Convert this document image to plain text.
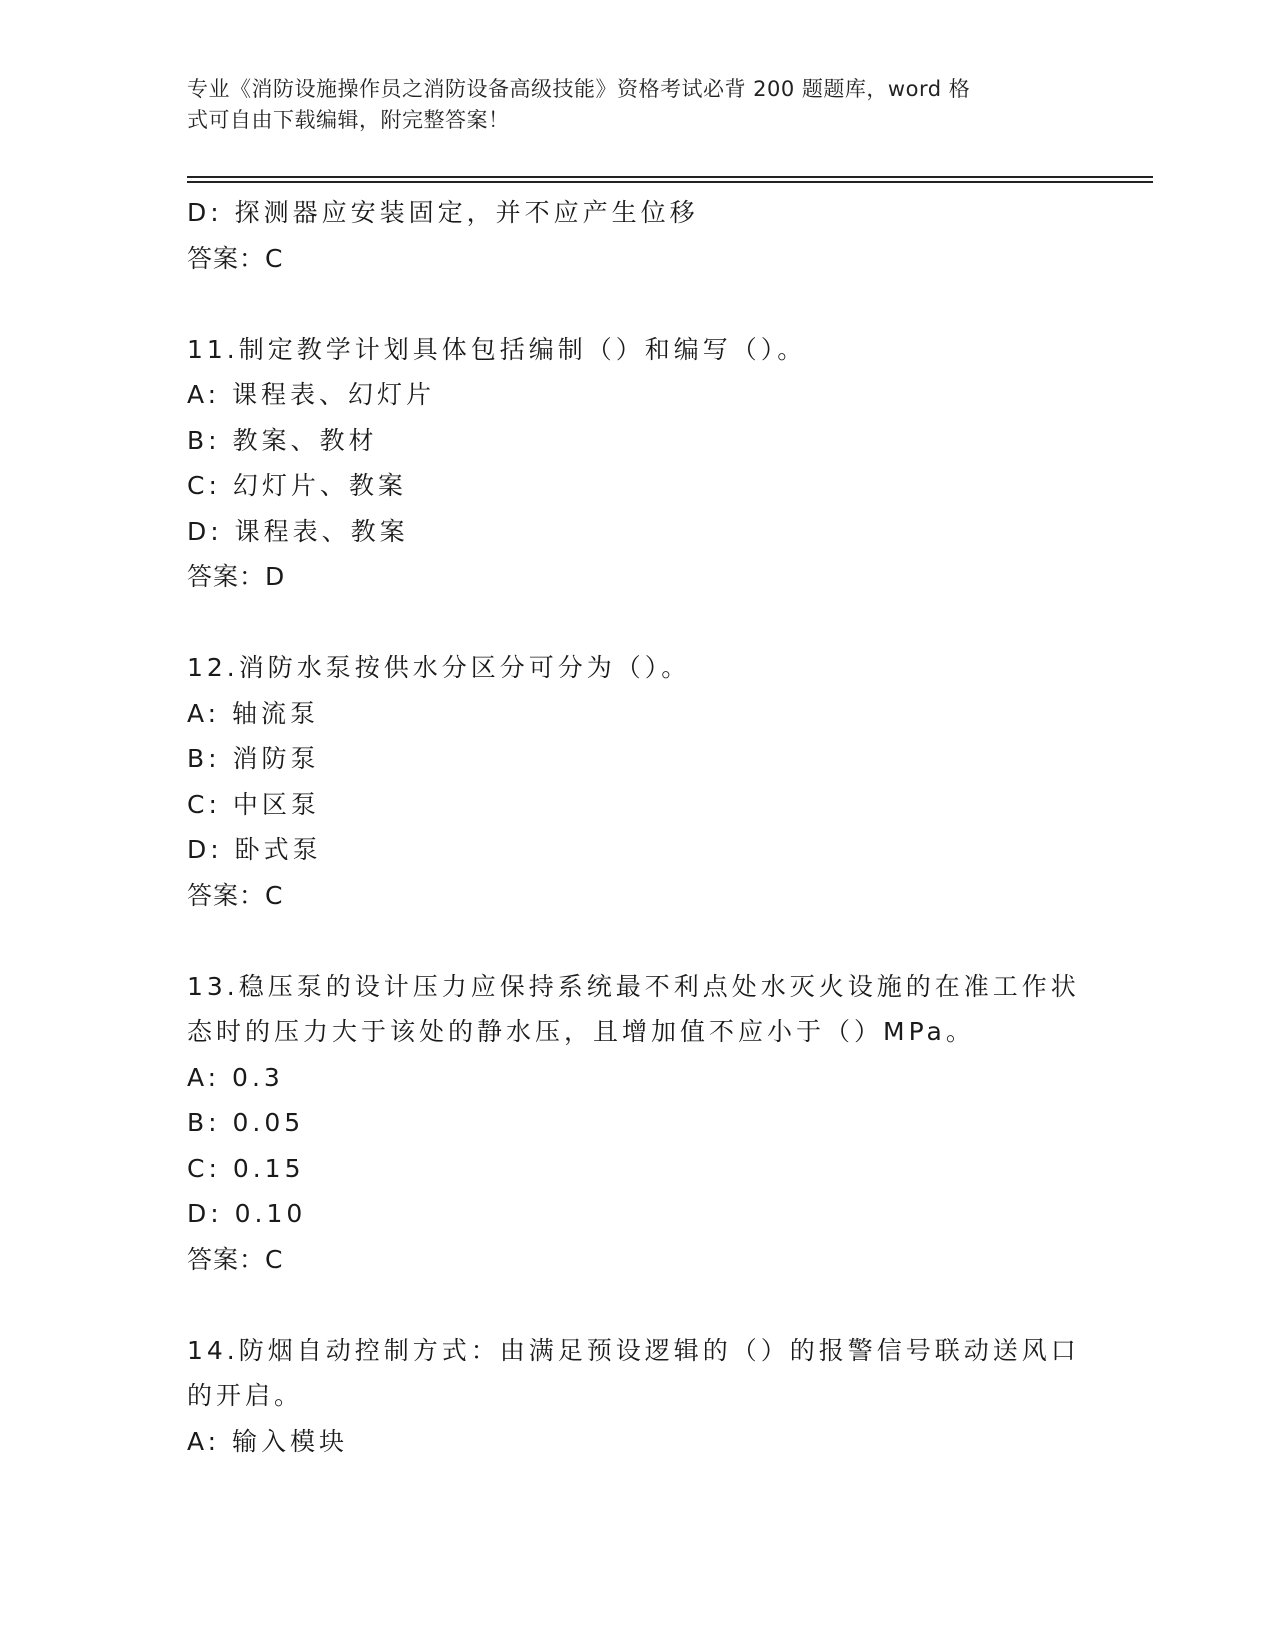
专业《消防设施操作员之消防设备高级技能》资格考试必背 200 题题库，word 格
式可自由下载编辑，附完整答案！
D: 探测器应安装固定，并不应产生位移
答案：C
11.制定教学计划具体包括编制（）和编写（）。
A: 课程表、幻灯片
B: 教案、教材
C: 幻灯片、教案
D: 课程表、教案
答案：D
12.消防水泵按供水分区分可分为（）。
A: 轴流泵
B: 消防泵
C: 中区泵
D: 卧式泵
答案：C
13.稳压泵的设计压力应保持系统最不利点处水灭火设施的在准工作状
态时的压力大于该处的静水压，且增加值不应小于（）MPa。
A: 0.3
B: 0.05
C: 0.15
D: 0.10
答案：C
14.防烟自动控制方式：由满足预设逻辑的（）的报警信号联动送风口
的开启。
A: 输入模块
